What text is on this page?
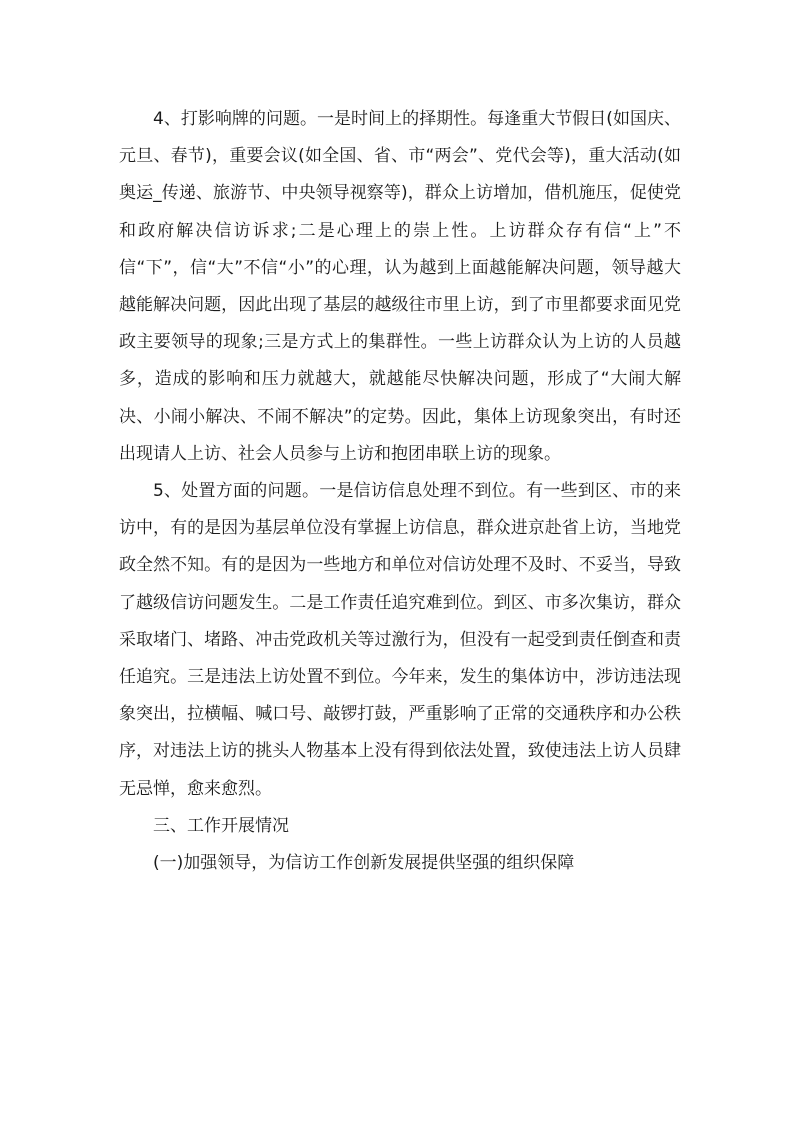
4、打影响牌的问题。一是时间上的择期性。每逢重大节假日(如国庆、元旦、春节)，重要会议(如全国、省、市“两会”、党代会等)，重大活动(如奥运_传递、旅游节、中央领导视察等)，群众上访增加，借机施压，促使党和政府解决信访诉求;二是心理上的崇上性。上访群众存有信“上”不信“下”，信“大”不信“小”的心理，认为越到上面越能解决问题，领导越大越能解决问题，因此出现了基层的越级往市里上访，到了市里都要求面见党政主要领导的现象;三是方式上的集群性。一些上访群众认为上访的人员越多，造成的影响和压力就越大，就越能尽快解决问题，形成了“大闹大解决、小闹小解决、不闹不解决”的定势。因此，集体上访现象突出，有时还出现请人上访、社会人员参与上访和抱团串联上访的现象。

5、处置方面的问题。一是信访信息处理不到位。有一些到区、市的来访中，有的是因为基层单位没有掌握上访信息，群众进京赴省上访，当地党政全然不知。有的是因为一些地方和单位对信访处理不及时、不妥当，导致了越级信访问题发生。二是工作责任追究难到位。到区、市多次集访，群众采取堵门、堵路、冲击党政机关等过激行为，但没有一起受到责任倒查和责任追究。三是违法上访处置不到位。今年来，发生的集体访中，涉访违法现象突出，拉横幅、喊口号、敲锣打鼓，严重影响了正常的交通秩序和办公秩序，对违法上访的挑头人物基本上没有得到依法处置，致使违法上访人员肆无忌惮，愈来愈烈。

三、工作开展情况

(一)加强领导，为信访工作创新发展提供坚强的组织保障
